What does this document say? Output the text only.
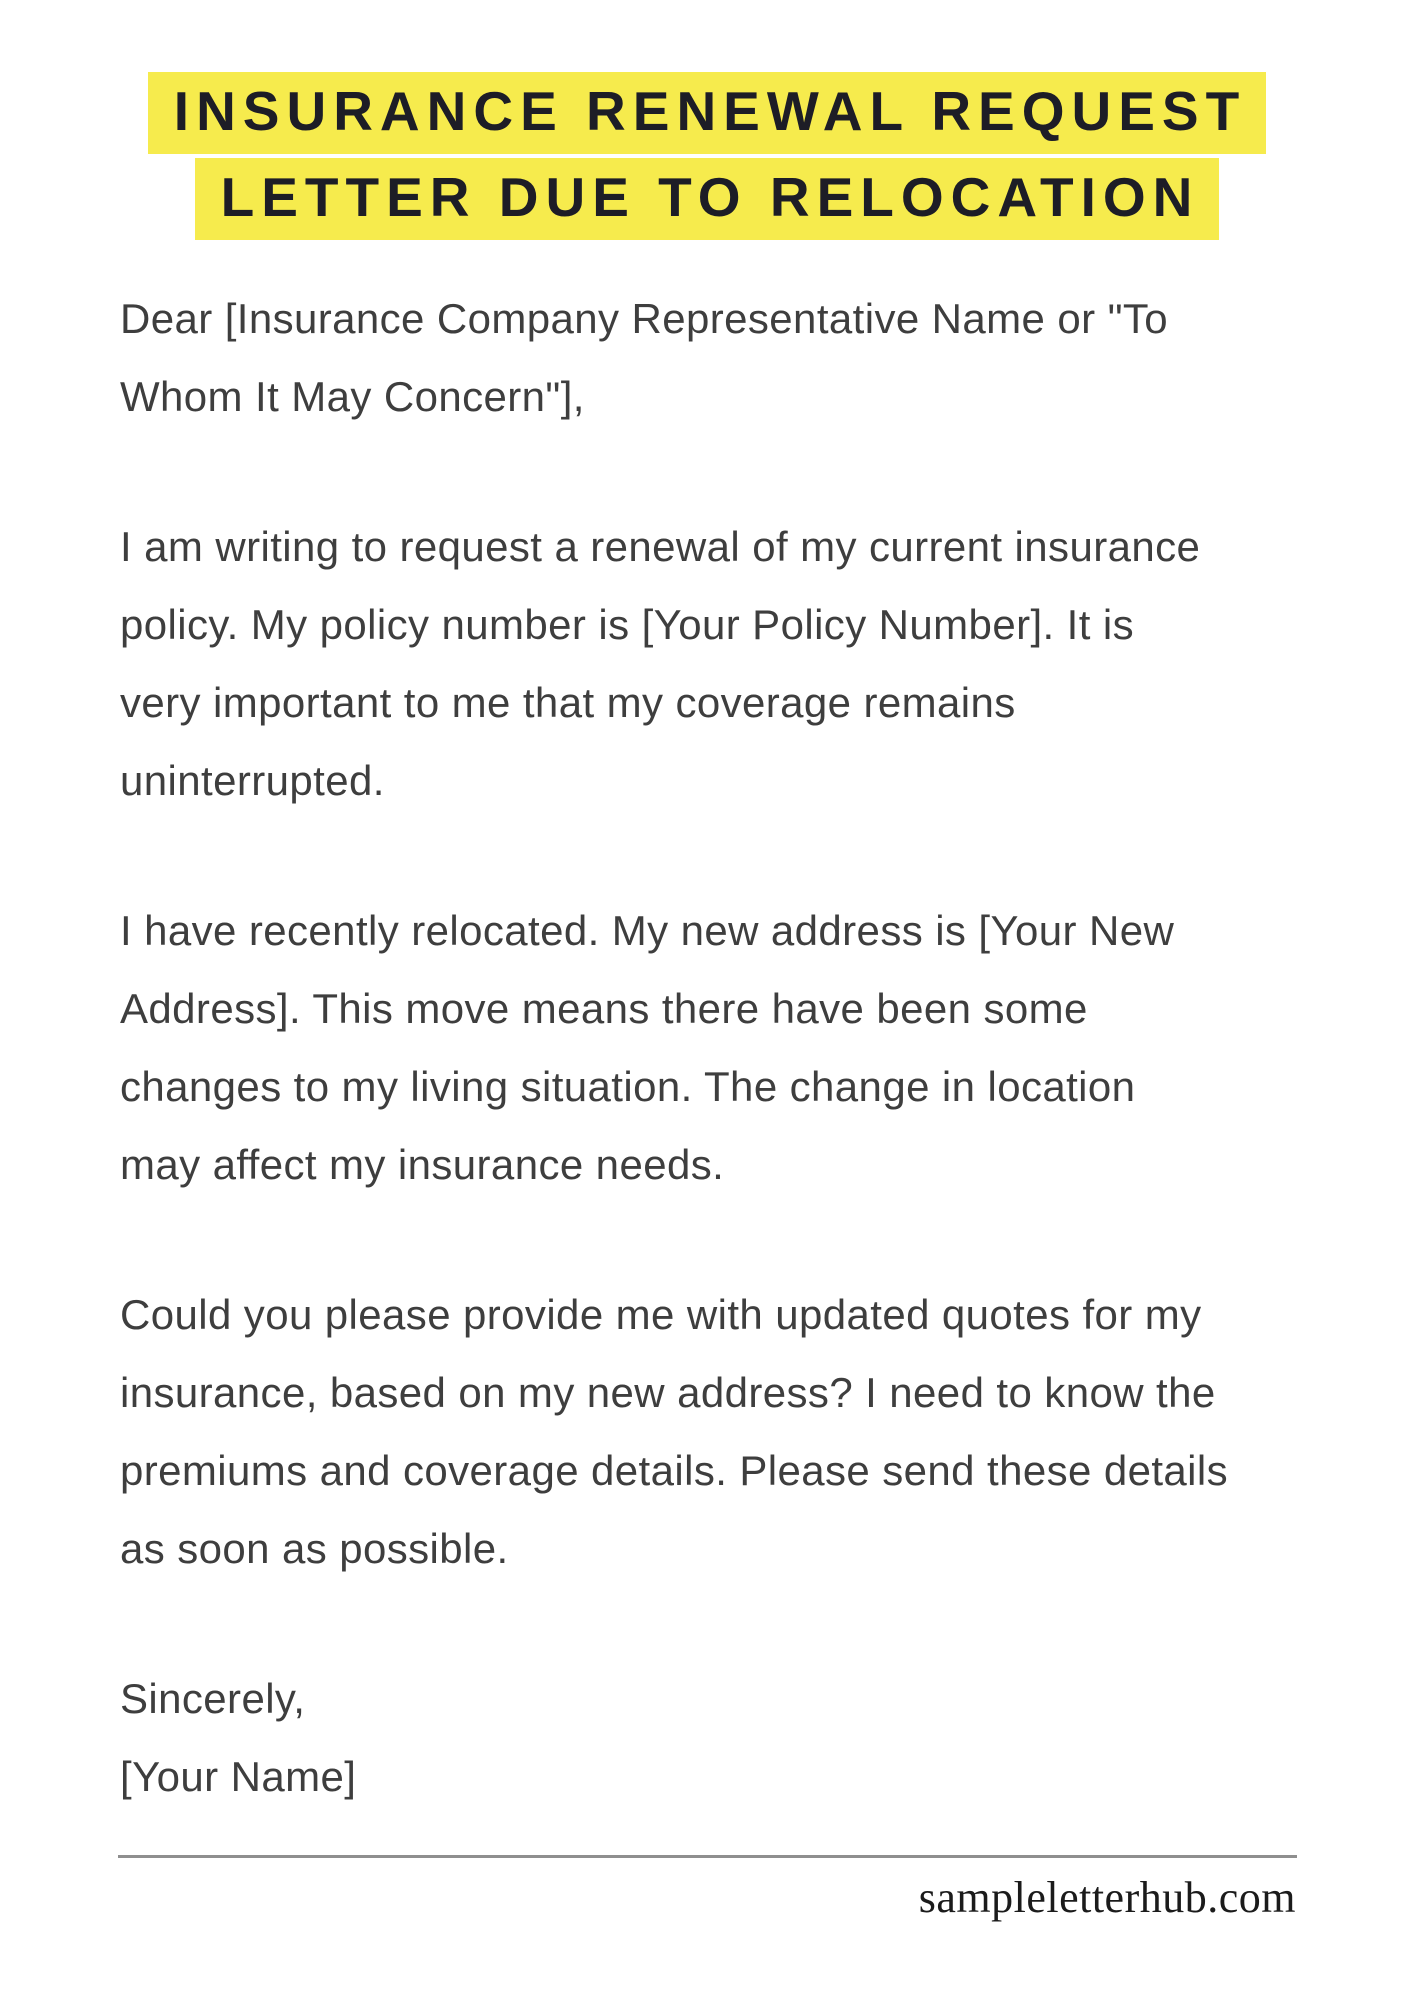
INSURANCE RENEWAL REQUEST
LETTER DUE TO RELOCATION
Dear [Insurance Company Representative Name or "To
Whom It May Concern"],
I am writing to request a renewal of my current insurance
policy. My policy number is [Your Policy Number]. It is
very important to me that my coverage remains
uninterrupted.
I have recently relocated. My new address is [Your New
Address]. This move means there have been some
changes to my living situation. The change in location
may affect my insurance needs.
Could you please provide me with updated quotes for my
insurance, based on my new address? I need to know the
premiums and coverage details. Please send these details
as soon as possible.
Sincerely,
[Your Name]
sampleletterhub.com
